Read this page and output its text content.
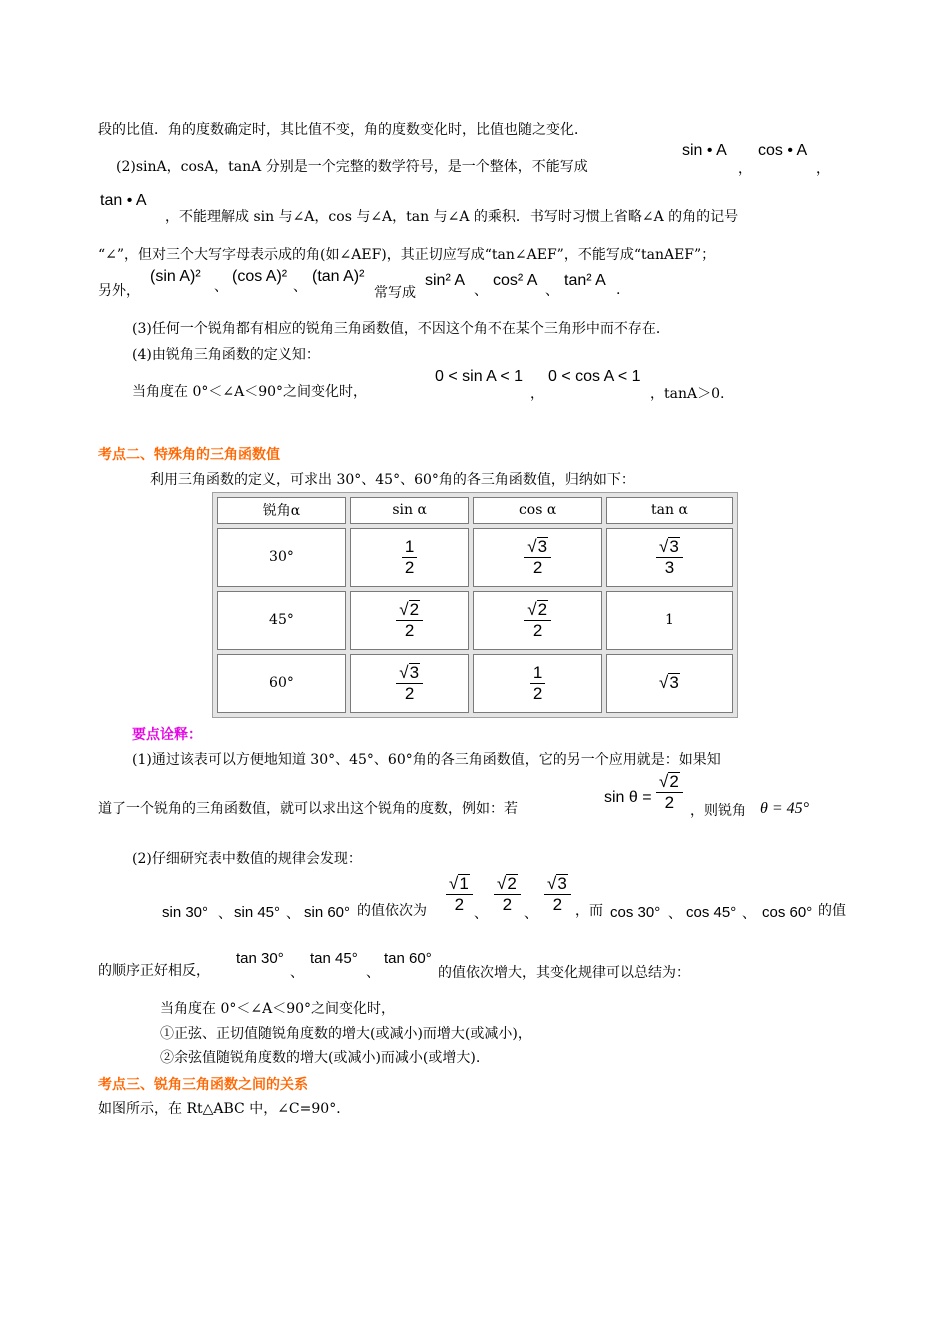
段的比值．角的度数确定时，其比值不变，角的度数变化时，比值也随之变化．
(2)sinA，cosA，tanA 分别是一个完整的数学符号，是一个整体，不能写成
sin • A
，
cos • A
，
tan • A
，不能理解成 sin 与∠A，cos 与∠A，tan 与∠A 的乘积．书写时习惯上省略∠A 的角的记号
“∠”，但对三个大写字母表示成的角(如∠AEF)，其正切应写成“tan∠AEF”，不能写成“tanAEF”；
另外，
(sin A)²
、
(cos A)²
、
(tan A)²
常写成
sin² A
、
cos² A
、
tan² A
.
(3)任何一个锐角都有相应的锐角三角函数值，不因这个角不在某个三角形中而不存在．
(4)由锐角三角函数的定义知：
当角度在 0°＜∠A＜90°之间变化时，
0 < sin A < 1
，
0 < cos A < 1
，tanA＞0.
考点二、特殊角的三角函数值
利用三角函数的定义，可求出 30°、45°、60°角的各三角函数值，归纳如下：
锐角α	sin α	cos α	tan α
30°	$\frac{1}{2}$	$\frac{√ 3}{2}$	$\frac{√ 3}{3}$

45°	$\frac{√ 2}{2}$	$\frac{√ 2}{2}$	1
60°	$\frac{√ 3}{2}$	$\frac{1}{2}$	√ 3
要点诠释：
(1)通过该表可以方便地知道 30°、45°、60°角的各三角函数值，它的另一个应用就是：如果知
道了一个锐角的三角函数值，就可以求出这个锐角的度数，例如：若
$\sin \theta = \frac{√ 2}{2}$ ，则锐角 θ = 45°
(2)仔细研究表中数值的规律会发现：
sin 30° 、 sin 45° 、 sin 60° 的值依次为 $\frac{√ 1}{2}$ 、 $\frac{√ 2}{2}$ 、 $\frac{√ 3}{2}$ ，而 cos 30° 、 cos 45° 、 cos 60° 的值
的顺序正好相反，
tan 30°
、
tan 45°
、
tan 60°
的值依次增大，其变化规律可以总结为：
当角度在 0°＜∠A＜90°之间变化时，
①正弦、正切值随锐角度数的增大(或减小)而增大(或减小)，
②余弦值随锐角度数的增大(或减小)而减小(或增大).
考点三、锐角三角函数之间的关系
如图所示，在 Rt△ABC 中，∠C=90°．
